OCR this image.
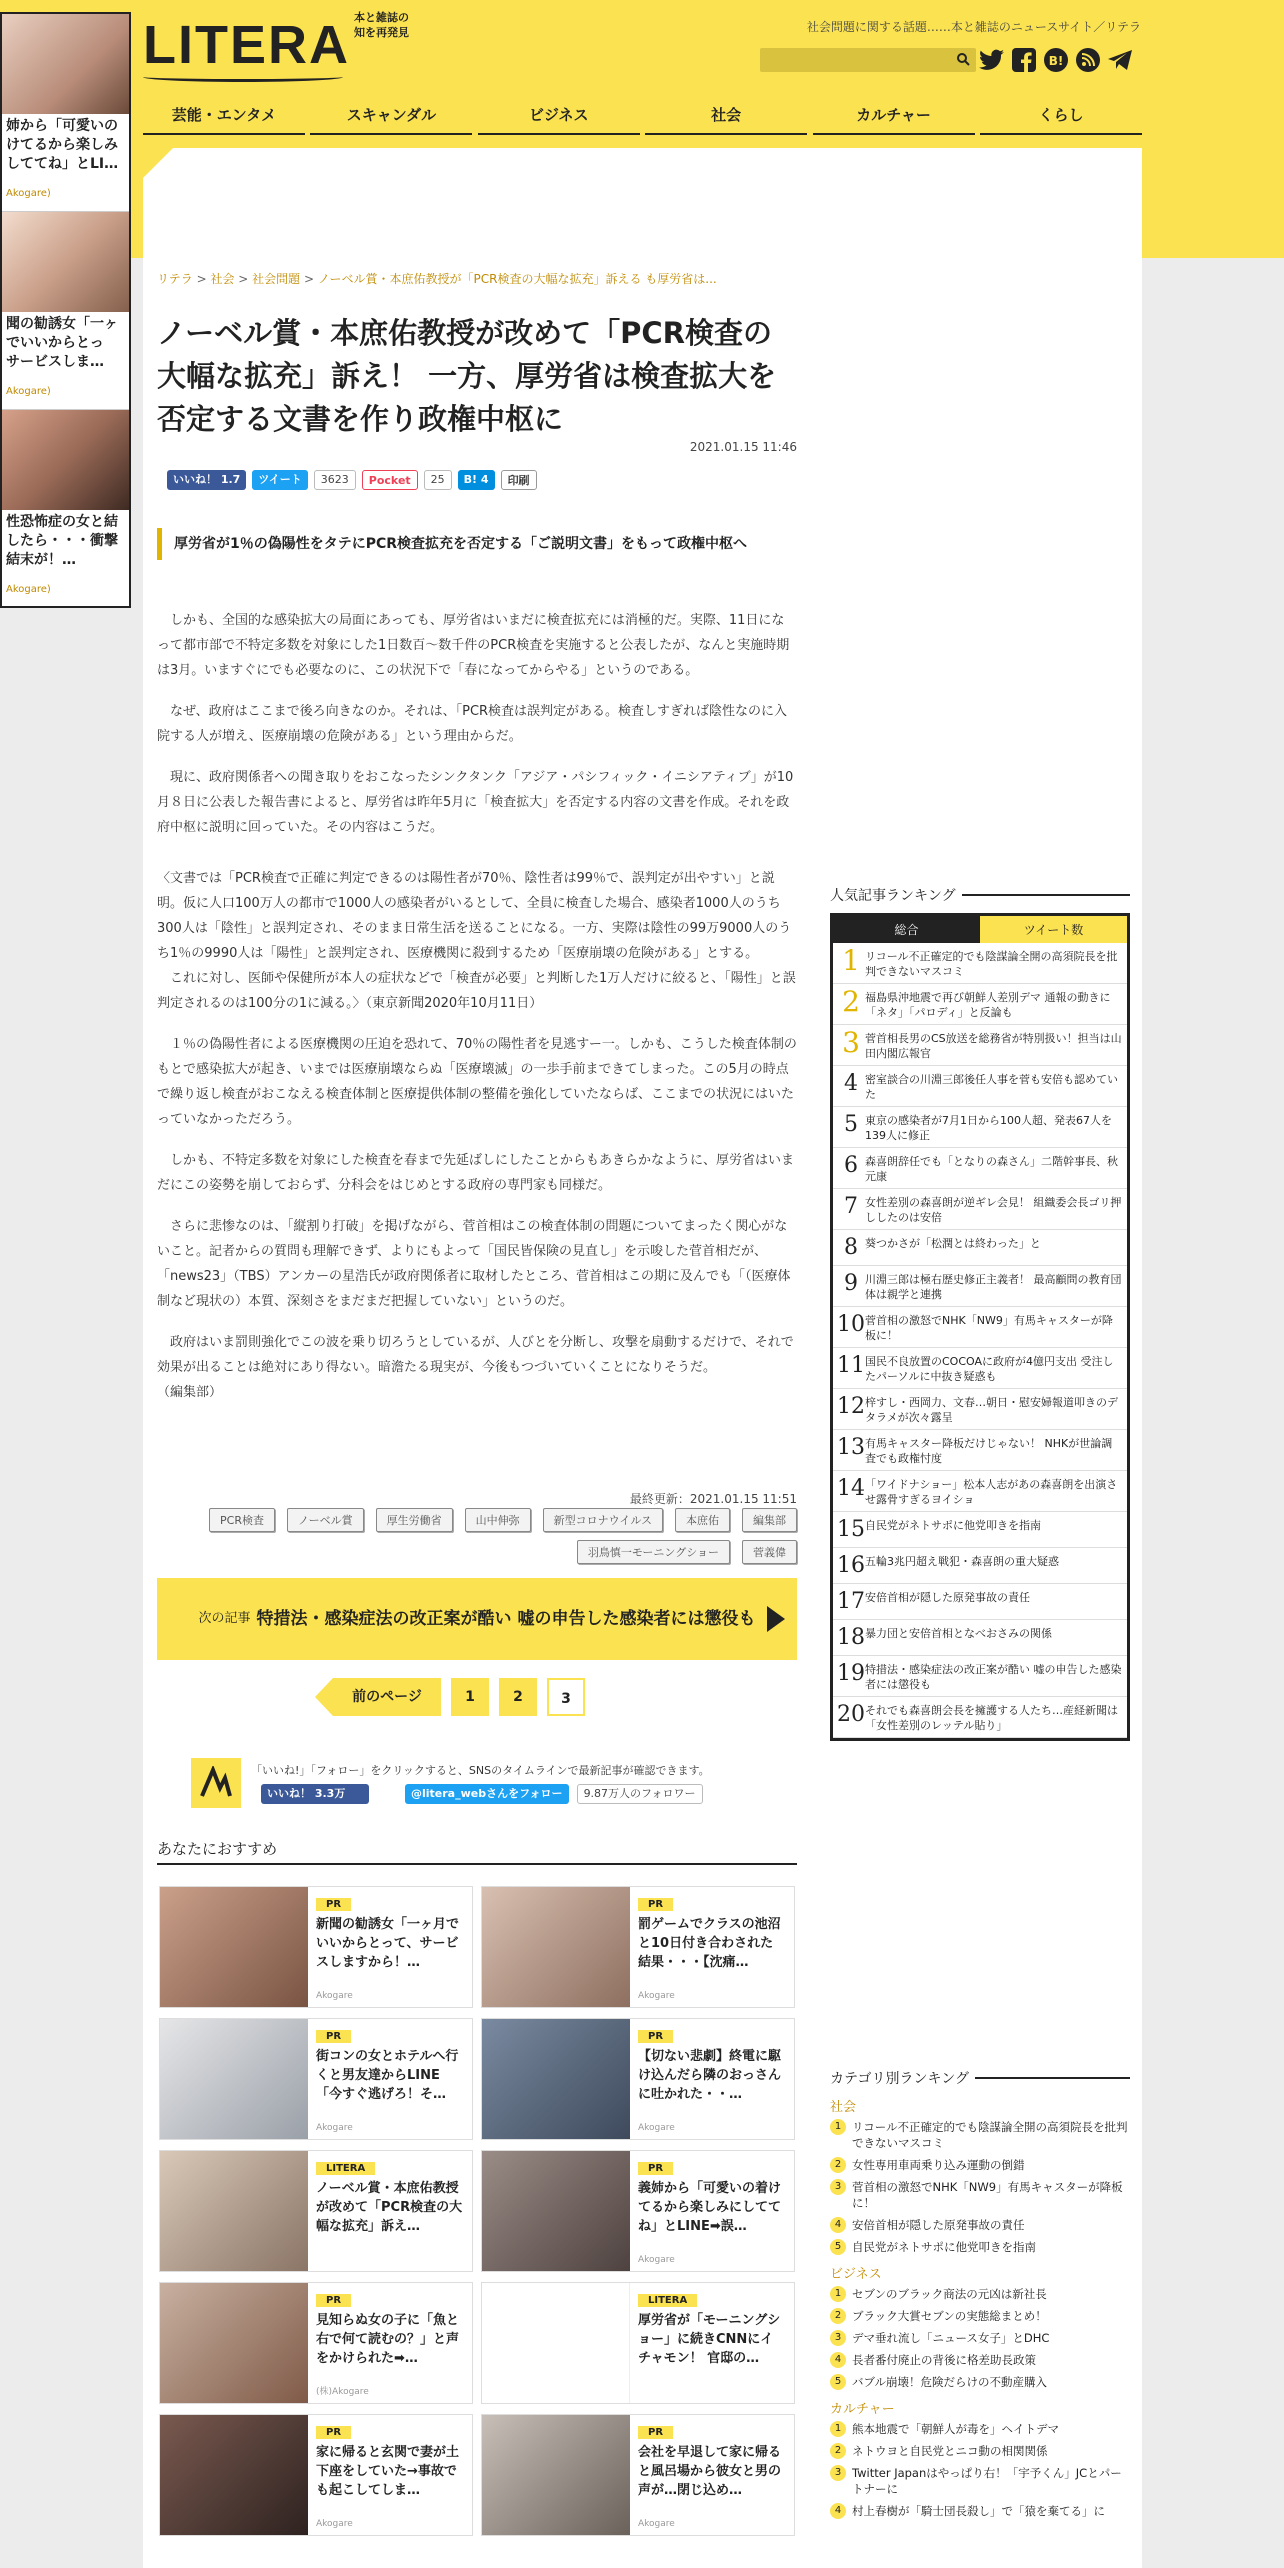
姉から「可愛いのけてるから楽しみしててね」とLI…
Akogare)
聞の勧誘女「一ヶでいいからとっ　サービスしま…
Akogare)
性恐怖症の女と結したら・・・衝撃結末が！…
Akogare)
LITERA 本と雑誌の知を再発見	社会問題に関する話題……本と雑誌のニュースサイト／リテラ
B!
芸能・エンタメ	スキャンダル	ビジネス	社会	カルチャー	くらし
リテラ > 社会 > 社会問題 > ノーベル賞・本庶佑教授が「PCR検査の大幅な拡充」訴える も厚労省は...
ノーベル賞・本庶佑教授が改めて「PCR検査の大幅な拡充」訴え！ 一方、厚労省は検査拡大を否定する文書を作り政権中枢に
2021.01.15 11:46
いいね！ 1.7	ツイート	3623	Pocket	25	B! 4	印刷
厚労省が1％の偽陽性をタテにPCR検査拡充を否定する「ご説明文書」をもって政権中枢へ

しかも、全国的な感染拡大の局面にあっても、厚労省はいまだに検査拡充には消極的だ。実際、11日になって都市部で不特定多数を対象にした1日数百〜数千件のPCR検査を実施すると公表したが、なんと実施時期は3月。いますぐにでも必要なのに、この状況下で「春になってからやる」というのである。

なぜ、政府はここまで後ろ向きなのか。それは、「PCR検査は誤判定がある。検査しすぎれば陰性なのに入院する人が増え、医療崩壊の危険がある」という理由からだ。

現に、政府関係者への聞き取りをおこなったシンクタンク「アジア・パシフィック・イニシアティブ」が10月８日に公表した報告書によると、厚労省は昨年5月に「検査拡大」を否定する内容の文書を作成。それを政府中枢に説明に回っていた。その内容はこうだ。

〈文書では「PCR検査で正確に判定できるのは陽性者が70％、陰性者は99％で、誤判定が出やすい」と説明。仮に人口100万人の都市で1000人の感染者がいるとして、全員に検査した場合、感染者1000人のうち300人は「陰性」と誤判定され、そのまま日常生活を送ることになる。一方、実際は陰性の99万9000人のうち1％の9990人は「陽性」と誤判定され、医療機関に殺到するため「医療崩壊の危険がある」とする。
　これに対し、医師や保健所が本人の症状などで「検査が必要」と判断した1万人だけに絞ると、「陽性」と誤判定されるのは100分の1に減る。〉（東京新聞2020年10月11日）

１％の偽陽性者による医療機関の圧迫を恐れて、70％の陽性者を見逃すー一。しかも、こうした検査体制のもとで感染拡大が起き、いまでは医療崩壊ならぬ「医療壊滅」の一歩手前まできてしまった。この5月の時点で繰り返し検査がおこなえる検査体制と医療提供体制の整備を強化していたならば、ここまでの状況にはいたっていなかっただろう。

しかも、不特定多数を対象にした検査を春まで先延ばしにしたことからもあきらかなように、厚労省はいまだにこの姿勢を崩しておらず、分科会をはじめとする政府の専門家も同様だ。

さらに悲惨なのは、「縦割り打破」を掲げながら、菅首相はこの検査体制の問題についてまったく関心がないこと。記者からの質問も理解できず、よりにもよって「国民皆保険の見直し」を示唆した菅首相だが、「news23」（TBS）アンカーの星浩氏が政府関係者に取材したところ、菅首相はこの期に及んでも「（医療体制など現状の）本質、深刻さをまだまだ把握していない」というのだ。

政府はいま罰則強化でこの波を乗り切ろうとしているが、人びとを分断し、攻撃を扇動するだけで、それで効果が出ることは絶対にあり得ない。暗澹たる現実が、今後もつづいていくことになりそうだ。
（編集部）

最終更新：2021.01.15 11:51
PCR検査	ノーベル賞	厚生労働省	山中伸弥	新型コロナウイルス	本庶佑	編集部
羽鳥慎一モーニングショー	菅義偉
次の記事 特措法・感染症法の改正案が酷い 嘘の申告した感染者には懲役も
前のページ	1	2	3
「いいね!」「フォロー」をクリックすると、SNSのタイムラインで最新記事が確認できます。
いいね！ 3.3万	@litera_webさんをフォロー	9.87万人のフォロワー
あなたにおすすめ
PR
新聞の勧誘女「一ヶ月でいいからとって、サービスしますから！…
Akogare
PR
罰ゲームでクラスの池沼と10日付き合わされた結果・・・【沈痛…
Akogare
PR
街コンの女とホテルへ行くと男友達からLINE「今すぐ逃げろ！そ…
Akogare
PR
【切ない悲劇】終電に駆け込んだら隣のおっさんに吐かれた・・…
Akogare
LITERA
ノーベル賞・本庶佑教授が改めて「PCR検査の大幅な拡充」訴え…
PR
義姉から「可愛いの着けてるから楽しみにしててね」とLINE➡誤…
Akogare
PR
見知らぬ女の子に「魚と右で何て読むの？」と声をかけられた➡…
(株)Akogare
LITERA
厚労省が「モーニングショー」に続きCNNにイチャモン！ 官邸の…
PR
家に帰ると玄関で妻が土下座をしていた→事故でも起こしてしま…
Akogare
PR
会社を早退して家に帰ると風呂場から彼女と男の声が…閉じ込め…
Akogare
人気記事ランキング
総合	ツイート数
1 リコール不正確定的でも陰謀論全開の高須院長を批判できないマスコミ
2 福島県沖地震で再び朝鮮人差別デマ 通報の動きに「ネタ」「パロディ」と反論も
3 菅首相長男のCS放送を総務省が特別扱い！担当は山田内閣広報官
4 密室談合の川淵三郎後任人事を菅も安倍も認めていた
5 東京の感染者が7月1日から100人超、発表67人を139人に修正
6 森喜朗辞任でも「となりの森さん」二階幹事長、秋元康
7 女性差別の森喜朗が逆ギレ会見！ 組織委会長ゴリ押ししたのは安倍
8 葵つかさが「松潤とは終わった」と
9 川淵三郎は極右歴史修正主義者！ 最高顧問の教育団体は親学と連携
10 菅首相の激怒でNHK「NW9」有馬キャスターが降板に！
11 国民不良放置のCOCOAに政府が4億円支出 受注したパーソルに中抜き疑惑も
12 梓すし・西岡力、文春…朝日・慰安婦報道叩きのデタラメが次々露呈
13 有馬キャスター降板だけじゃない！ NHKが世論調査でも政権忖度
14 「ワイドナショー」松本人志があの森喜朗を出演させ露骨すぎるヨイショ
15 自民党がネトサポに他党叩きを指南
16 五輪3兆円超え戦犯・森喜朗の重大疑惑
17 安倍首相が隠した原発事故の責任
18 暴力団と安倍首相となべおさみの関係
19 特措法・感染症法の改正案が酷い 嘘の申告した感染者には懲役も
20 それでも森喜朗会長を擁護する人たち…産経新聞は「女性差別のレッテル貼り」
カテゴリ別ランキング
社会
1 リコール不正確定的でも陰謀論全開の高須院長を批判できないマスコミ
2 女性専用車両乗り込み運動の倒錯
3 菅首相の激怒でNHK「NW9」有馬キャスターが降板に！
4 安倍首相が隠した原発事故の責任
5 自民党がネトサポに他党叩きを指南
ビジネス
1 セブンのブラック商法の元凶は新社長
2 ブラック大賞セブンの実態総まとめ！
3 デマ垂れ流し「ニュース女子」とDHC
4 長者番付廃止の背後に格差助長政策
5 バブル崩壊！危険だらけの不動産購入
カルチャー
1 熊本地震で「朝鮮人が毒を」ヘイトデマ
2 ネトウヨと自民党とニコ動の相関関係
3 Twitter Japanはやっぱり右！「宇予くん」JCとパートナーに
4 村上春樹が「騎士団長殺し」で「猿を棄てる」に
